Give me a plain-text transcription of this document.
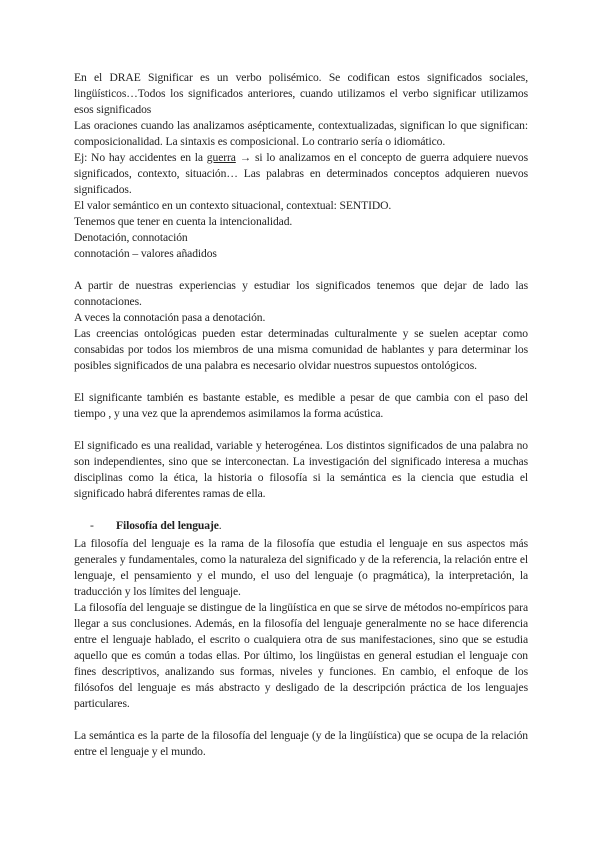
En el DRAE Significar es un verbo polisémico. Se codifican estos significados sociales, lingüísticos…Todos los significados anteriores, cuando utilizamos el verbo significar utilizamos esos significados

Las oraciones cuando las analizamos asépticamente, contextualizadas, significan lo que significan: composicionalidad. La sintaxis es composicional. Lo contrario sería o idiomático.

Ej: No hay accidentes en la guerra → si lo analizamos en el concepto de guerra adquiere nuevos significados, contexto, situación… Las palabras en determinados conceptos adquieren nuevos significados.

El valor semántico en un contexto situacional, contextual: SENTIDO.

Tenemos que tener en cuenta la intencionalidad.

Denotación, connotación

connotación – valores añadidos

A partir de nuestras experiencias y estudiar los significados tenemos que dejar de lado las connotaciones.

A veces la connotación pasa a denotación.

Las creencias ontológicas pueden estar determinadas culturalmente y se suelen aceptar como consabidas por todos los miembros de una misma comunidad de hablantes y para determinar los posibles significados de una palabra es necesario olvidar nuestros supuestos ontológicos.

El significante también es bastante estable, es medible a pesar de que cambia con el paso del tiempo , y una vez que la aprendemos asimilamos la forma acústica.

El significado es una realidad, variable y heterogénea. Los distintos significados de una palabra no son independientes, sino que se interconectan. La investigación del significado interesa a muchas disciplinas como la ética, la historia o filosofía si la semántica es la ciencia que estudia el significado habrá diferentes ramas de ella.

-	Filosofía del lenguaje .

La filosofía del lenguaje es la rama de la filosofía que estudia el lenguaje en sus aspectos más generales y fundamentales, como la naturaleza del significado y de la referencia, la relación entre el lenguaje, el pensamiento y el mundo, el uso del lenguaje (o pragmática), la interpretación, la traducción y los límites del lenguaje.

La filosofía del lenguaje se distingue de la lingüística en que se sirve de métodos no-empíricos para llegar a sus conclusiones. Además, en la filosofía del lenguaje generalmente no se hace diferencia entre el lenguaje hablado, el escrito o cualquiera otra de sus manifestaciones, sino que se estudia aquello que es común a todas ellas. Por último, los lingüistas en general estudian el lenguaje con fines descriptivos, analizando sus formas, niveles y funciones. En cambio, el enfoque de los filósofos del lenguaje es más abstracto y desligado de la descripción práctica de los lenguajes particulares.

La semántica es la parte de la filosofía del lenguaje (y de la lingüística) que se ocupa de la relación entre el lenguaje y el mundo.
